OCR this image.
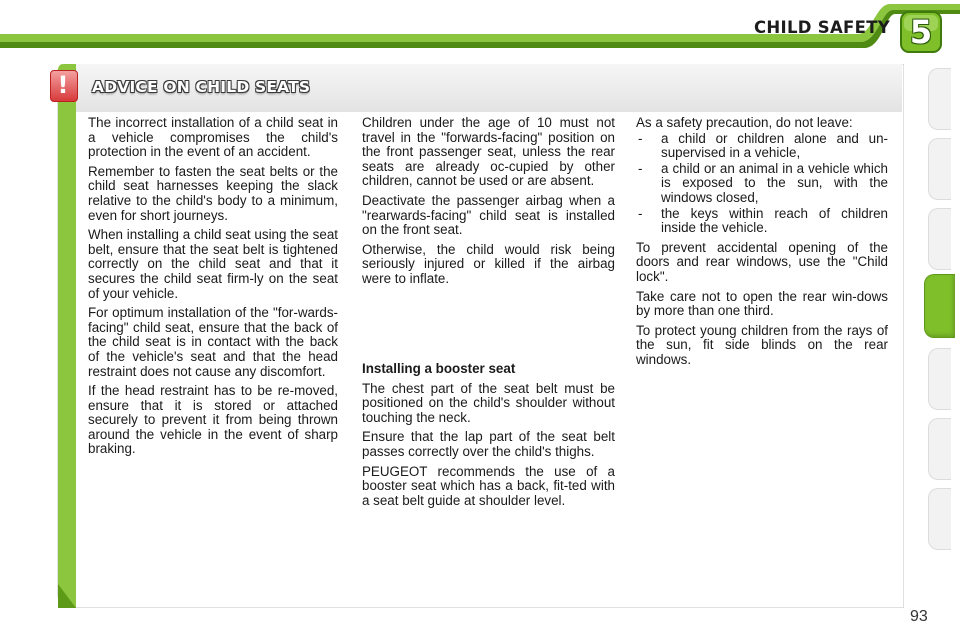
CHILD SAFETY 5
ADVICE ON CHILD SEATS
!

The incorrect installation of a child seat in a vehicle compromises the child's protection in the event of an accident.

Remember to fasten the seat belts or the child seat harnesses keeping the slack relative to the child's body to a minimum, even for short journeys.

When installing a child seat using the seat belt, ensure that the seat belt is tightened correctly on the child seat and that it secures the child seat firm-ly on the seat of your vehicle.

For optimum installation of the "for-wards-facing" child seat, ensure that the back of the child seat is in contact with the back of the vehicle's seat and that the head restraint does not cause any discomfort.

If the head restraint has to be re-moved, ensure that it is stored or attached securely to prevent it from being thrown around the vehicle in the event of sharp braking.

Children under the age of 10 must not travel in the "forwards-facing" position on the front passenger seat, unless the rear seats are already oc-cupied by other children, cannot be used or are absent.

Deactivate the passenger airbag when a "rearwards-facing" child seat is installed on the front seat.

Otherwise, the child would risk being seriously injured or killed if the airbag were to inflate.

Installing a booster seat

The chest part of the seat belt must be positioned on the child's shoulder without touching the neck.

Ensure that the lap part of the seat belt passes correctly over the child's thighs.

PEUGEOT recommends the use of a booster seat which has a back, fit-ted with a seat belt guide at shoulder level.

As a safety precaution, do not leave:

- a child or children alone and un-supervised in a vehicle,
- a child or an animal in a vehicle which is exposed to the sun, with the windows closed,
- the keys within reach of children inside the vehicle.

To prevent accidental opening of the doors and rear windows, use the "Child lock".

Take care not to open the rear win-dows by more than one third.

To protect young children from the rays of the sun, fit side blinds on the rear windows.

93
